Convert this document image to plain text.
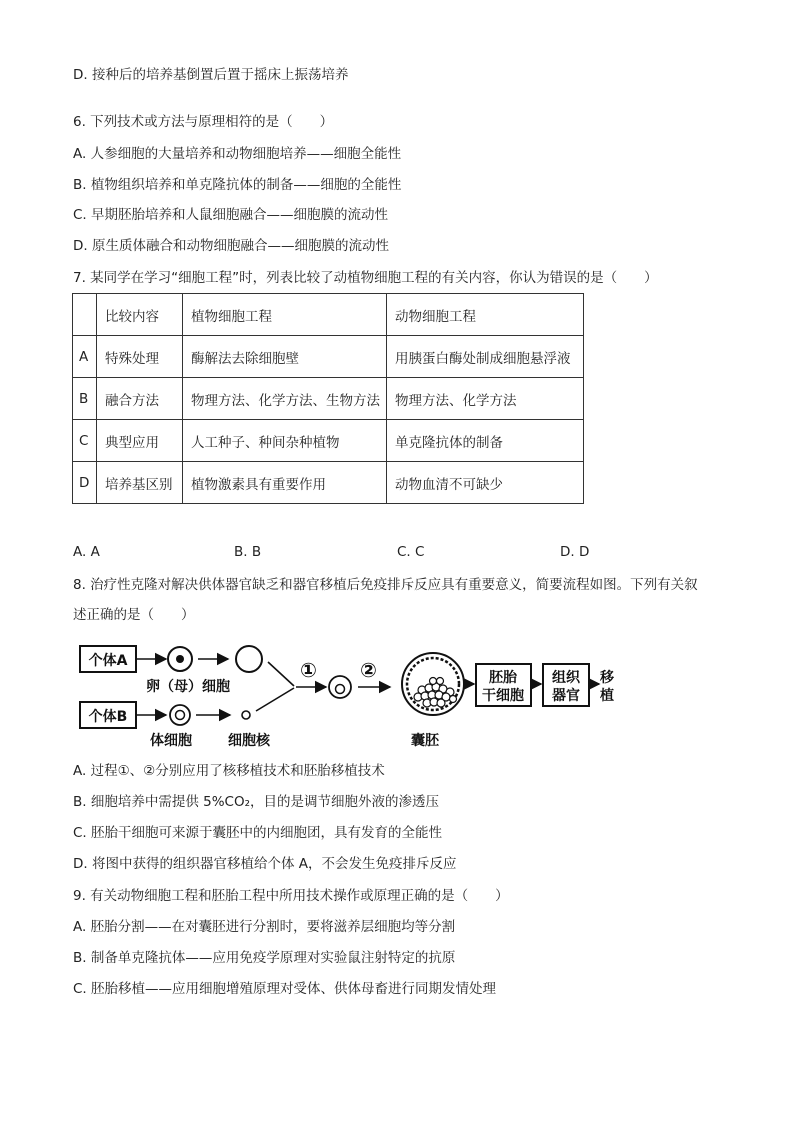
D. 接种后的培养基倒置后置于摇床上振荡培养
6. 下列技术或方法与原理相符的是（　　）
A. 人参细胞的大量培养和动物细胞培养——细胞全能性
B. 植物组织培养和单克隆抗体的制备——细胞的全能性
C. 早期胚胎培养和人鼠细胞融合——细胞膜的流动性
D. 原生质体融合和动物细胞融合——细胞膜的流动性
7. 某同学在学习“细胞工程”时，列表比较了动植物细胞工程的有关内容，你认为错误的是（　　）
	比较内容	植物细胞工程	动物细胞工程
A	特殊处理	酶解法去除细胞壁	用胰蛋白酶处制成细胞悬浮液
B	融合方法	物理方法、化学方法、生物方法	物理方法、化学方法
C	典型应用	人工种子、种间杂种植物	单克隆抗体的制备
D	培养基区别	植物激素具有重要作用	动物血清不可缺少
A. A	B. B	C. C	D. D
8. 治疗性克隆对解决供体器官缺乏和器官移植后免疫排斥反应具有重要意义，简要流程如图。下列有关叙
述正确的是（　　）
个体A
卵（母）细胞
个体B
体细胞	细胞核
① ②
囊胚
胚胎
干细胞
组织
器官
移
植
A. 过程①、②分别应用了核移植技术和胚胎移植技术
B. 细胞培养中需提供 5%CO₂，目的是调节细胞外液的渗透压
C. 胚胎干细胞可来源于囊胚中的内细胞团，具有发育的全能性
D. 将图中获得的组织器官移植给个体 A，不会发生免疫排斥反应
9. 有关动物细胞工程和胚胎工程中所用技术操作或原理正确的是（　　）
A. 胚胎分割——在对囊胚进行分割时，要将滋养层细胞均等分割
B. 制备单克隆抗体——应用免疫学原理对实验鼠注射特定的抗原
C. 胚胎移植——应用细胞增殖原理对受体、供体母畜进行同期发情处理
